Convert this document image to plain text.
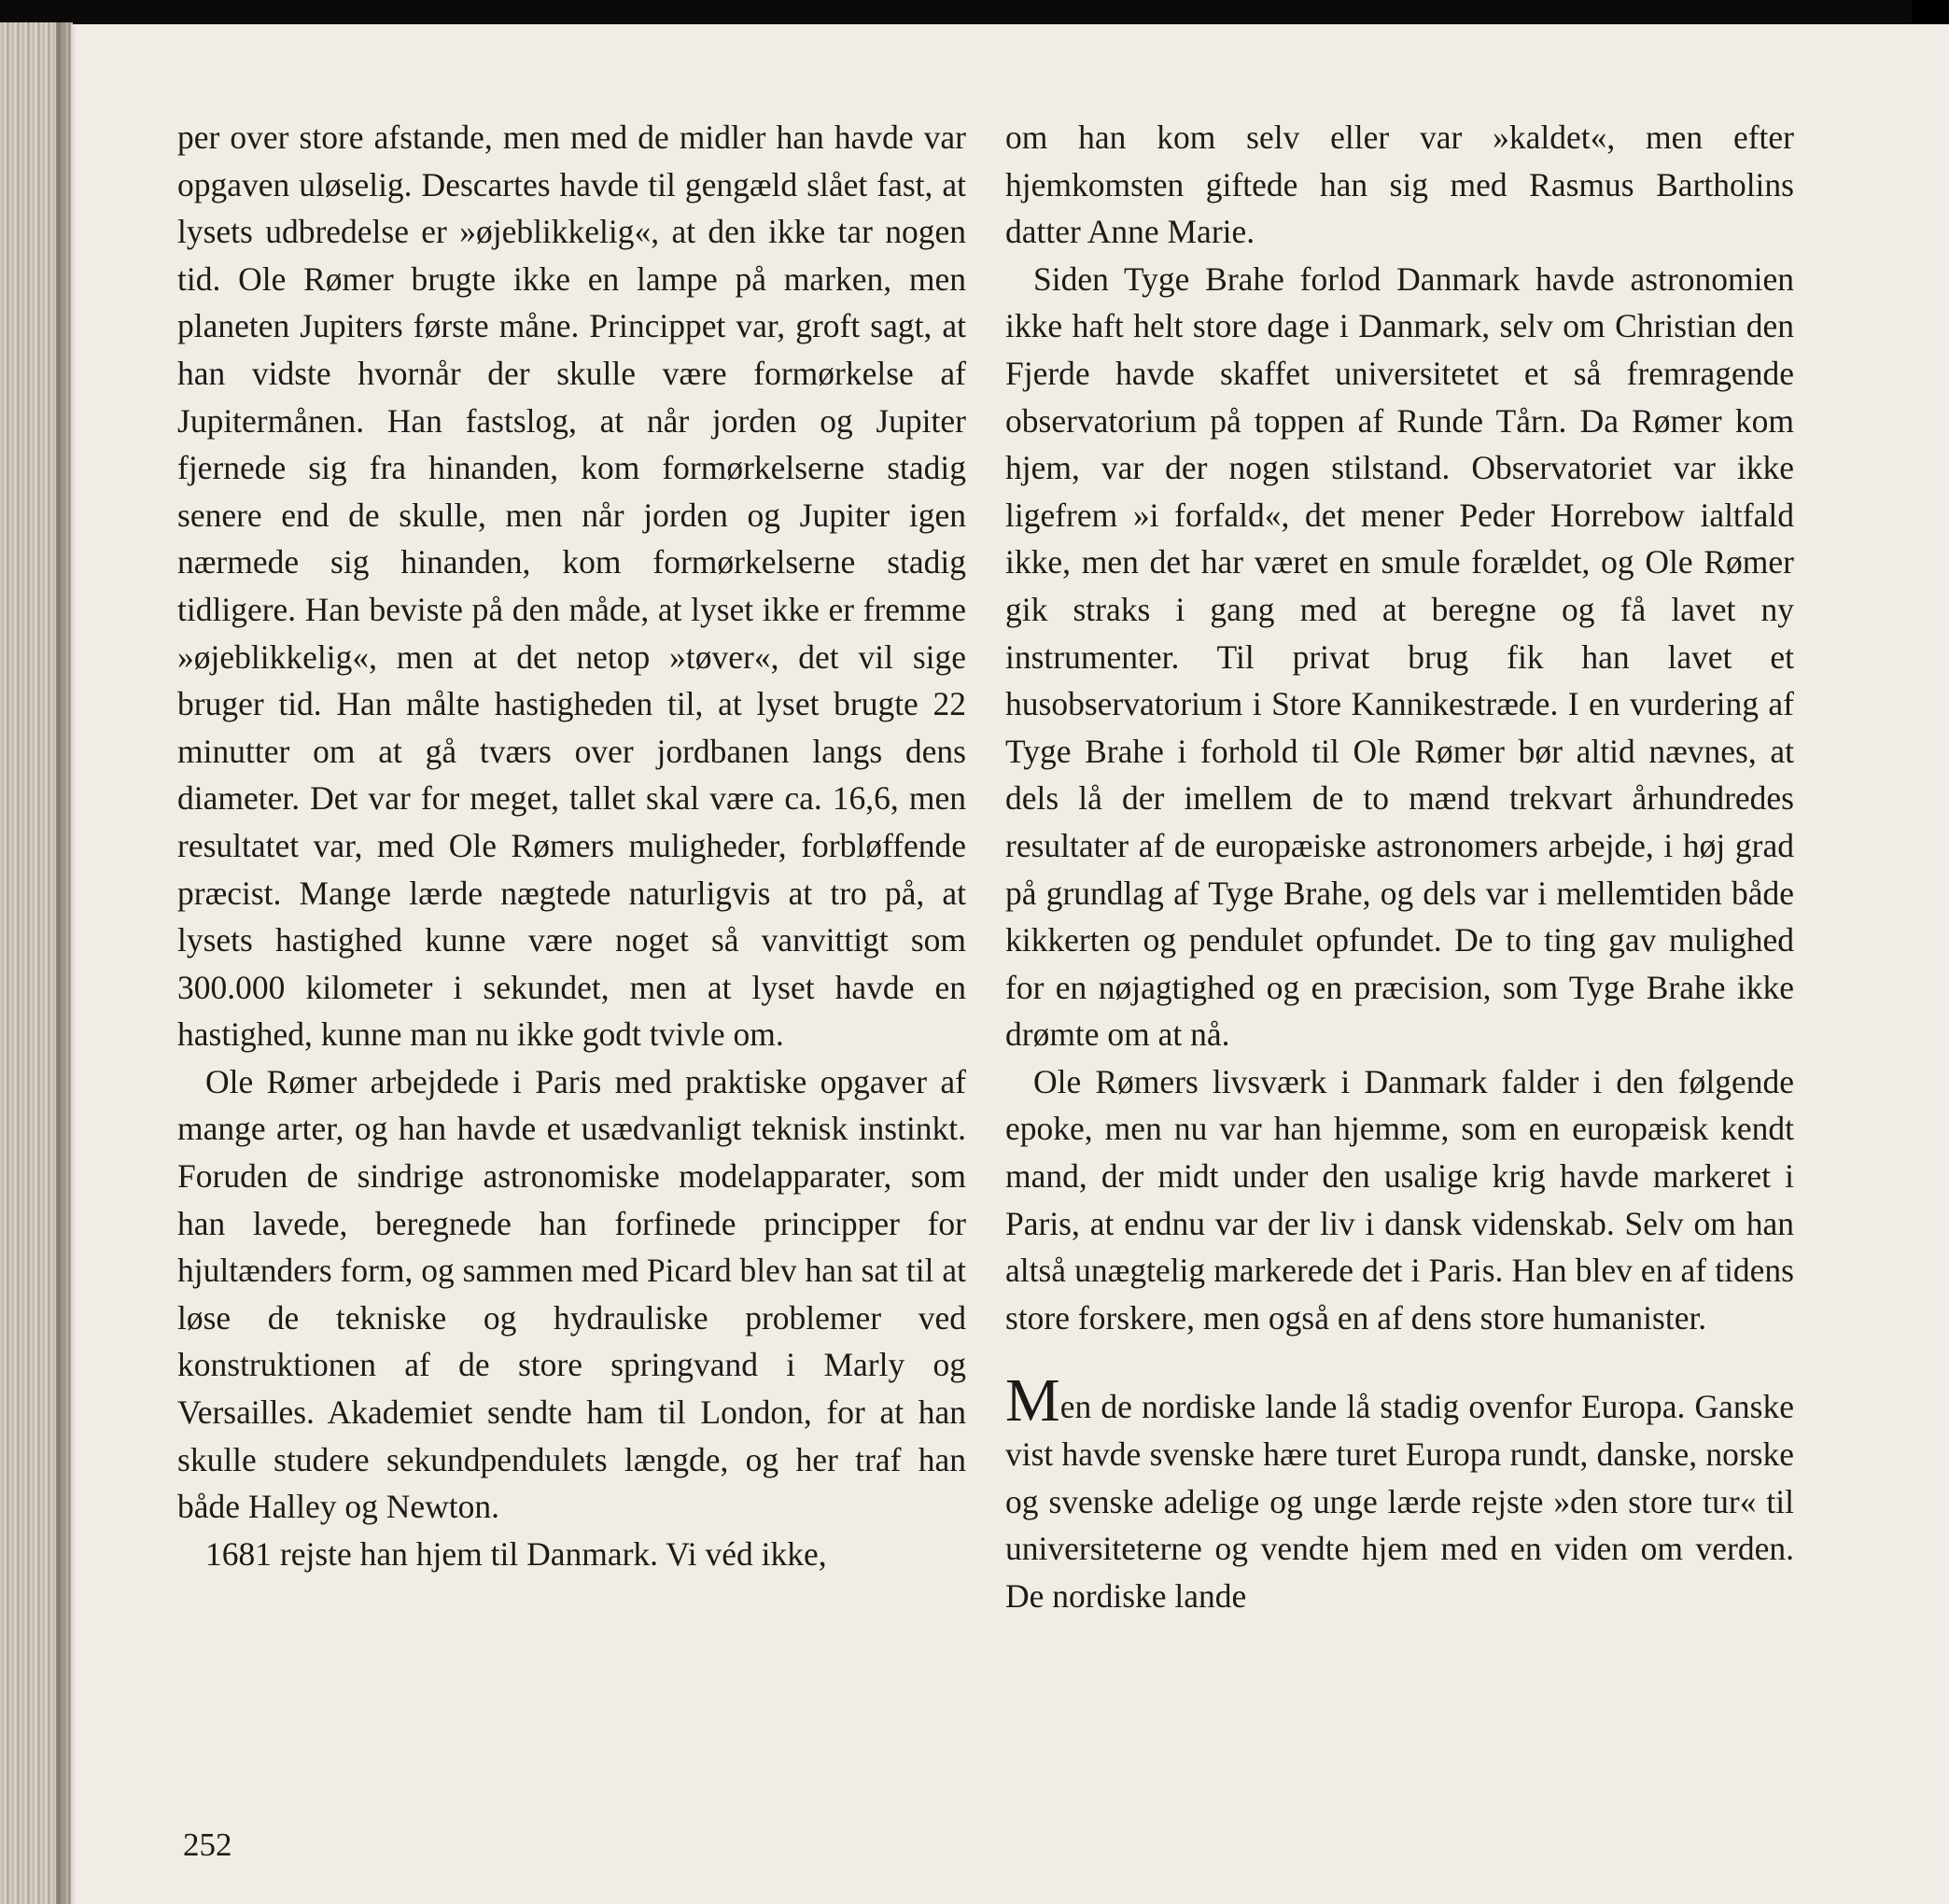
per over store afstande, men med de midler han havde var opgaven uløselig. Descartes havde til gengæld slået fast, at lysets udbredelse er »øjeblikkelig«, at den ikke tar nogen tid. Ole Rømer brugte ikke en lampe på marken, men planeten Jupiters første måne. Princippet var, groft sagt, at han vidste hvornår der skulle være formørkelse af Jupitermånen. Han fastslog, at når jorden og Jupiter fjernede sig fra hinanden, kom formørkelserne stadig senere end de skulle, men når jorden og Jupiter igen nærmede sig hinanden, kom formørkelserne stadig tidligere. Han beviste på den måde, at lyset ikke er fremme »øjeblikkelig«, men at det netop »tøver«, det vil sige bruger tid. Han målte hastigheden til, at lyset brugte 22 minutter om at gå tværs over jordbanen langs dens diameter. Det var for meget, tallet skal være ca. 16,6, men resultatet var, med Ole Rømers muligheder, forbløffende præcist. Mange lærde nægtede naturligvis at tro på, at lysets hastighed kunne være noget så vanvittigt som 300.000 kilometer i sekundet, men at lyset havde en hastighed, kunne man nu ikke godt tvivle om.

Ole Rømer arbejdede i Paris med praktiske opgaver af mange arter, og han havde et usædvanligt teknisk instinkt. Foruden de sindrige astronomiske modelapparater, som han lavede, beregnede han forfinede principper for hjultænders form, og sammen med Picard blev han sat til at løse de tekniske og hydrauliske problemer ved konstruktionen af de store springvand i Marly og Versailles. Akademiet sendte ham til London, for at han skulle studere sekundpendulets længde, og her traf han både Halley og Newton.

1681 rejste han hjem til Danmark. Vi véd ikke,

om han kom selv eller var »kaldet«, men efter hjemkomsten giftede han sig med Rasmus Bartholins datter Anne Marie.

Siden Tyge Brahe forlod Danmark havde astronomien ikke haft helt store dage i Danmark, selv om Christian den Fjerde havde skaffet universitetet et så fremragende observatorium på toppen af Runde Tårn. Da Rømer kom hjem, var der nogen stilstand. Observatoriet var ikke ligefrem »i forfald«, det mener Peder Horrebow ialtfald ikke, men det har været en smule forældet, og Ole Rømer gik straks i gang med at beregne og få lavet ny instrumenter. Til privat brug fik han lavet et husobservatorium i Store Kannikestræde. I en vurdering af Tyge Brahe i forhold til Ole Rømer bør altid nævnes, at dels lå der imellem de to mænd trekvart århundredes resultater af de europæiske astronomers arbejde, i høj grad på grundlag af Tyge Brahe, og dels var i mellemtiden både kikkerten og pendulet opfundet. De to ting gav mulighed for en nøjagtighed og en præcision, som Tyge Brahe ikke drømte om at nå.

Ole Rømers livsværk i Danmark falder i den følgende epoke, men nu var han hjemme, som en europæisk kendt mand, der midt under den usalige krig havde markeret i Paris, at endnu var der liv i dansk videnskab. Selv om han altså unægtelig markerede det i Paris. Han blev en af tidens store forskere, men også en af dens store humanister.

Men de nordiske lande lå stadig ovenfor Europa. Ganske vist havde svenske hære turet Europa rundt, danske, norske og svenske adelige og unge lærde rejste »den store tur« til universiteterne og vendte hjem med en viden om verden. De nordiske lande

252
